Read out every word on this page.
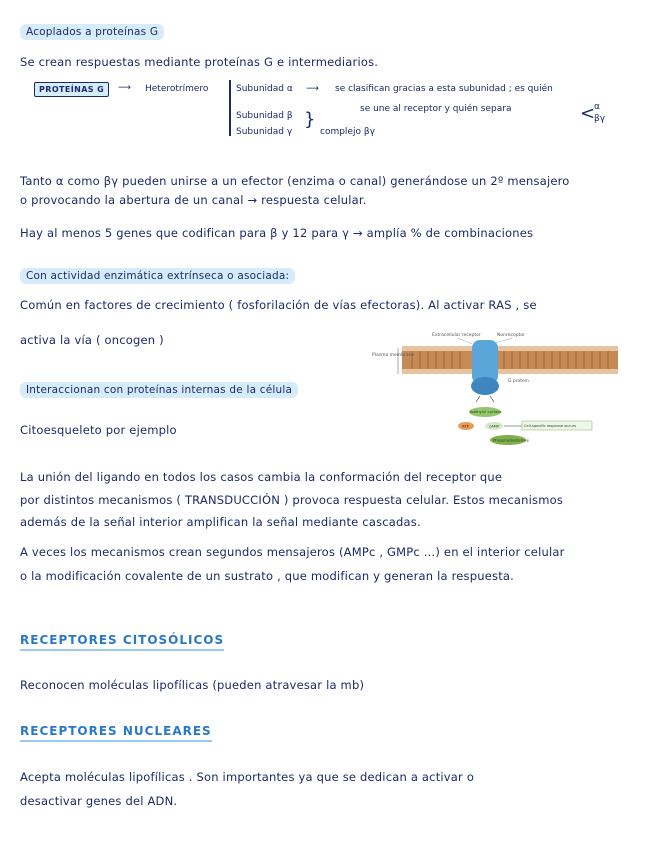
Acoplados a proteínas G
Se crean respuestas mediante proteínas G e intermediarios.
PROTEÍNAS G	⟶ Heterotrímero	Subunidad α ⟶ se clasifican gracias a esta subunidad ; es quién
Subunidad β
Subunidad γ
}
complejo βγ
se une al receptor y quién separa	<
α
βγ
Tanto α como βγ pueden unirse a un efector (enzima o canal) generándose un 2º mensajero
o provocando la abertura de un canal → respuesta celular.
Hay al menos 5 genes que codifican para β y 12 para γ → amplía % de combinaciones
Con actividad enzimática extrínseca o asociada:
Común en factores de crecimiento ( fosforilación de vías efectoras). Al activar RAS , se
activa la vía ( oncogen )	Extracellular receptor	Nonreceptor
Plasma membrane
G protein
Adenylyl cyclase
ATP	cAMP	Cell-specific response occurs
Phosphodiesterase
Interaccionan con proteínas internas de la célula
Citoesqueleto por ejemplo
La unión del ligando en todos los casos cambia la conformación del receptor que
por distintos mecanismos ( TRANSDUCCIÓN ) provoca respuesta celular. Estos mecanismos
además de la señal interior amplifican la señal mediante cascadas.
A veces los mecanismos crean segundos mensajeros (AMPc , GMPc ...) en el interior celular
o la modificación covalente de un sustrato , que modifican y generan la respuesta.
RECEPTORES CITOSÓLICOS
Reconocen moléculas lipofílicas (pueden atravesar la mb)
RECEPTORES NUCLEARES
Acepta moléculas lipofílicas . Son importantes ya que se dedican a activar o
desactivar genes del ADN.
